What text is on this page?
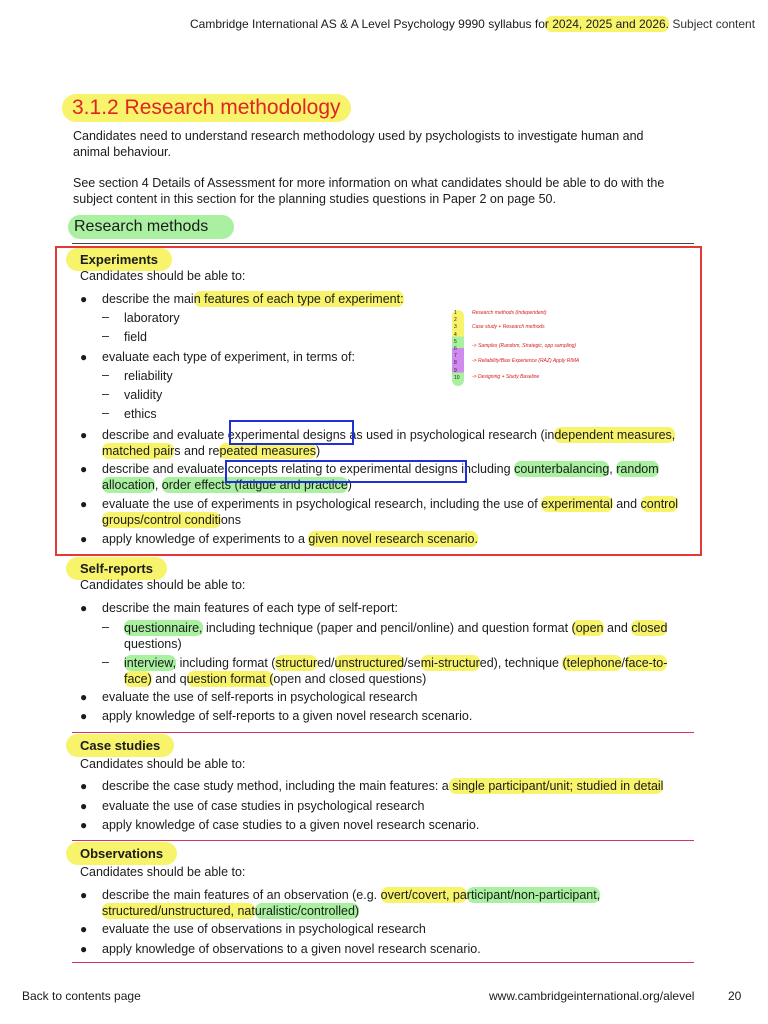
Cambridge International AS & A Level Psychology 9990 syllabus for 2024, 2025 and 2026. Subject content
3.1.2 Research methodology
Candidates need to understand research methodology used by psychologists to investigate human and animal behaviour.
See section 4 Details of Assessment for more information on what candidates should be able to do with the subject content in this section for the planning studies questions in Paper 2 on page 50.
Research methods
Experiments
Candidates should be able to:
● describe the main features of each type of experiment:
– laboratory
– field
● evaluate each type of experiment, in terms of:
– reliability
– validity
– ethics
1
2
3
4
5
6
7
8
9
10
Research methods (Independent)
Case study + Research methods
-> Samples (Random, Strategic, opp sampling)
-> Reliability/Bias Experience (RAZ) Apply RIMA
-> Designing + Study Baseline
● describe and evaluate experimental designs as used in psychological research (independent measures,
matched pairs and repeated measures)
● describe and evaluate concepts relating to experimental designs including counterbalancing, random
allocation, order effects (fatigue and practice)
● evaluate the use of experiments in psychological research, including the use of experimental and control
groups/control conditions
● apply knowledge of experiments to a given novel research scenario.
Self-reports
Candidates should be able to:
● describe the main features of each type of self-report:
– questionnaire, including technique (paper and pencil/online) and question format (open and closed
questions)
– interview, including format (structured/unstructured/semi-structured), technique (telephone/face-to-
face) and question format (open and closed questions)
● evaluate the use of self-reports in psychological research
● apply knowledge of self-reports to a given novel research scenario.
Case studies
Candidates should be able to:
● describe the case study method, including the main features: a single participant/unit; studied in detail
● evaluate the use of case studies in psychological research
● apply knowledge of case studies to a given novel research scenario.
Observations
Candidates should be able to:
● describe the main features of an observation (e.g. overt/covert, participant/non-participant,
structured/unstructured, naturalistic/controlled)
● evaluate the use of observations in psychological research
● apply knowledge of observations to a given novel research scenario.
Back to contents page	www.cambridgeinternational.org/alevel	20
